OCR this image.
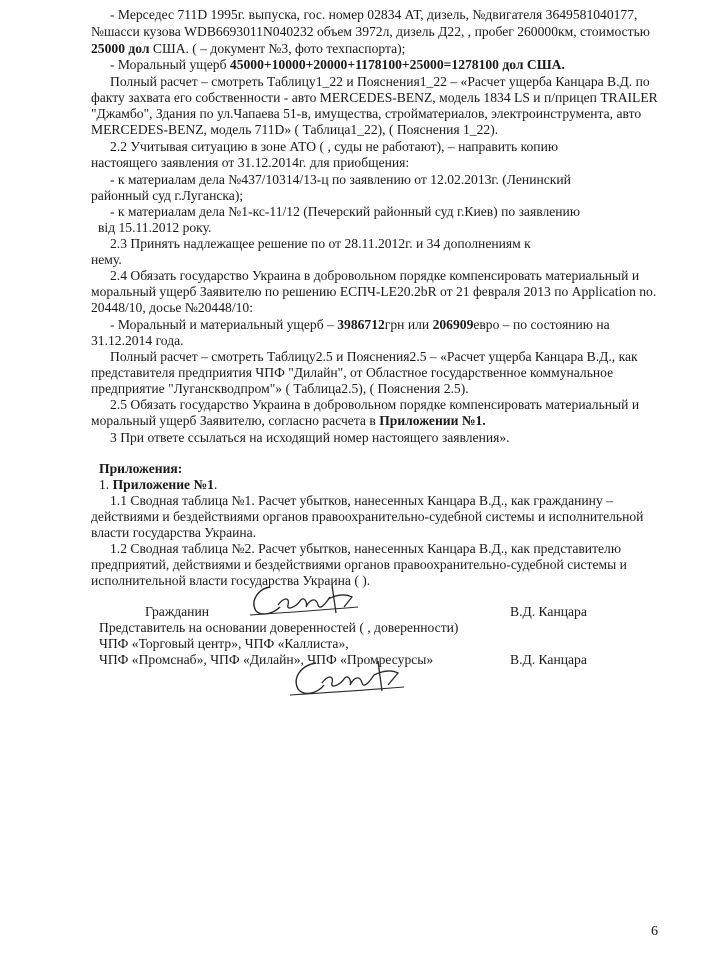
- Мерседес 711D 1995г. выпуска, гос. номер 02834 АТ, дизель, №двигателя 3649581040177,
№шасси кузова WDB6693011N040232 объем 3972л, дизель Д22, , пробег 260000км, стоимостью
25000 дол США. ( – документ №3, фото техпаспорта);
- Моральный ущерб 45000+10000+20000+1178100+25000=1278100 дол США.
Полный расчет – смотреть Таблицу1_22 и Пояснения1_22 – «Расчет ущерба Канцара В.Д. по
факту захвата его собственности - авто MERCEDES-BENZ, модель 1834 LS и п/прицеп TRAILER
"Джамбо", Здания по ул.Чапаева 51-в, имущества, стройматериалов, электроинструмента, авто
MERCEDES-BENZ, модель 711D» ( Таблица1_22), ( Пояснения 1_22).
2.2 Учитывая ситуацию в зоне АТО ( , суды не работают), – направить копию
настоящего заявления от 31.12.2014г. для приобщения:
- к материалам дела №437/10314/13-ц по заявлению от 12.02.2013г. (Ленинский
районный суд г.Луганска);
- к материалам дела №1-кс-11/12 (Печерский районный суд г.Киев) по заявлению
від 15.11.2012 року.
2.3 Принять надлежащее решение по от 28.11.2012г. и 34 дополнениям к
нему.
2.4 Обязать государство Украина в добровольном порядке компенсировать материальный и
моральный ущерб Заявителю по решению ЕСПЧ-LE20.2bR от 21 февраля 2013 по Application no.
20448/10, досье №20448/10:
- Моральный и материальный ущерб – 3986712грн или 206909евро – по состоянию на
31.12.2014 года.
Полный расчет – смотреть Таблицу2.5 и Пояснения2.5 – «Расчет ущерба Канцара В.Д., как
представителя предприятия ЧПФ "Дилайн", от Областное государственное коммунальное
предприятие "Луганскводпром"» ( Таблица2.5), ( Пояснения 2.5).
2.5 Обязать государство Украина в добровольном порядке компенсировать материальный и
моральный ущерб Заявителю, согласно расчета в Приложении №1.
3 При ответе ссылаться на исходящий номер настоящего заявления».
Приложения:
1. Приложение №1.
1.1 Сводная таблица №1. Расчет убытков, нанесенных Канцара В.Д., как гражданину –
действиями и бездействиями органов правоохранительно-судебной системы и исполнительной
власти государства Украина.
1.2 Сводная таблица №2. Расчет убытков, нанесенных Канцара В.Д., как представителю
предприятий, действиями и бездействиями органов правоохранительно-судебной системы и
исполнительной власти государства Украина ( ).
Гражданин	В.Д. Канцара
Представитель на основании доверенностей ( , доверенности)
ЧПФ «Торговый центр», ЧПФ «Каллиста»,
ЧПФ «Промснаб», ЧПФ «Дилайн», ЧПФ «Промресурсы»	В.Д. Канцара
6
